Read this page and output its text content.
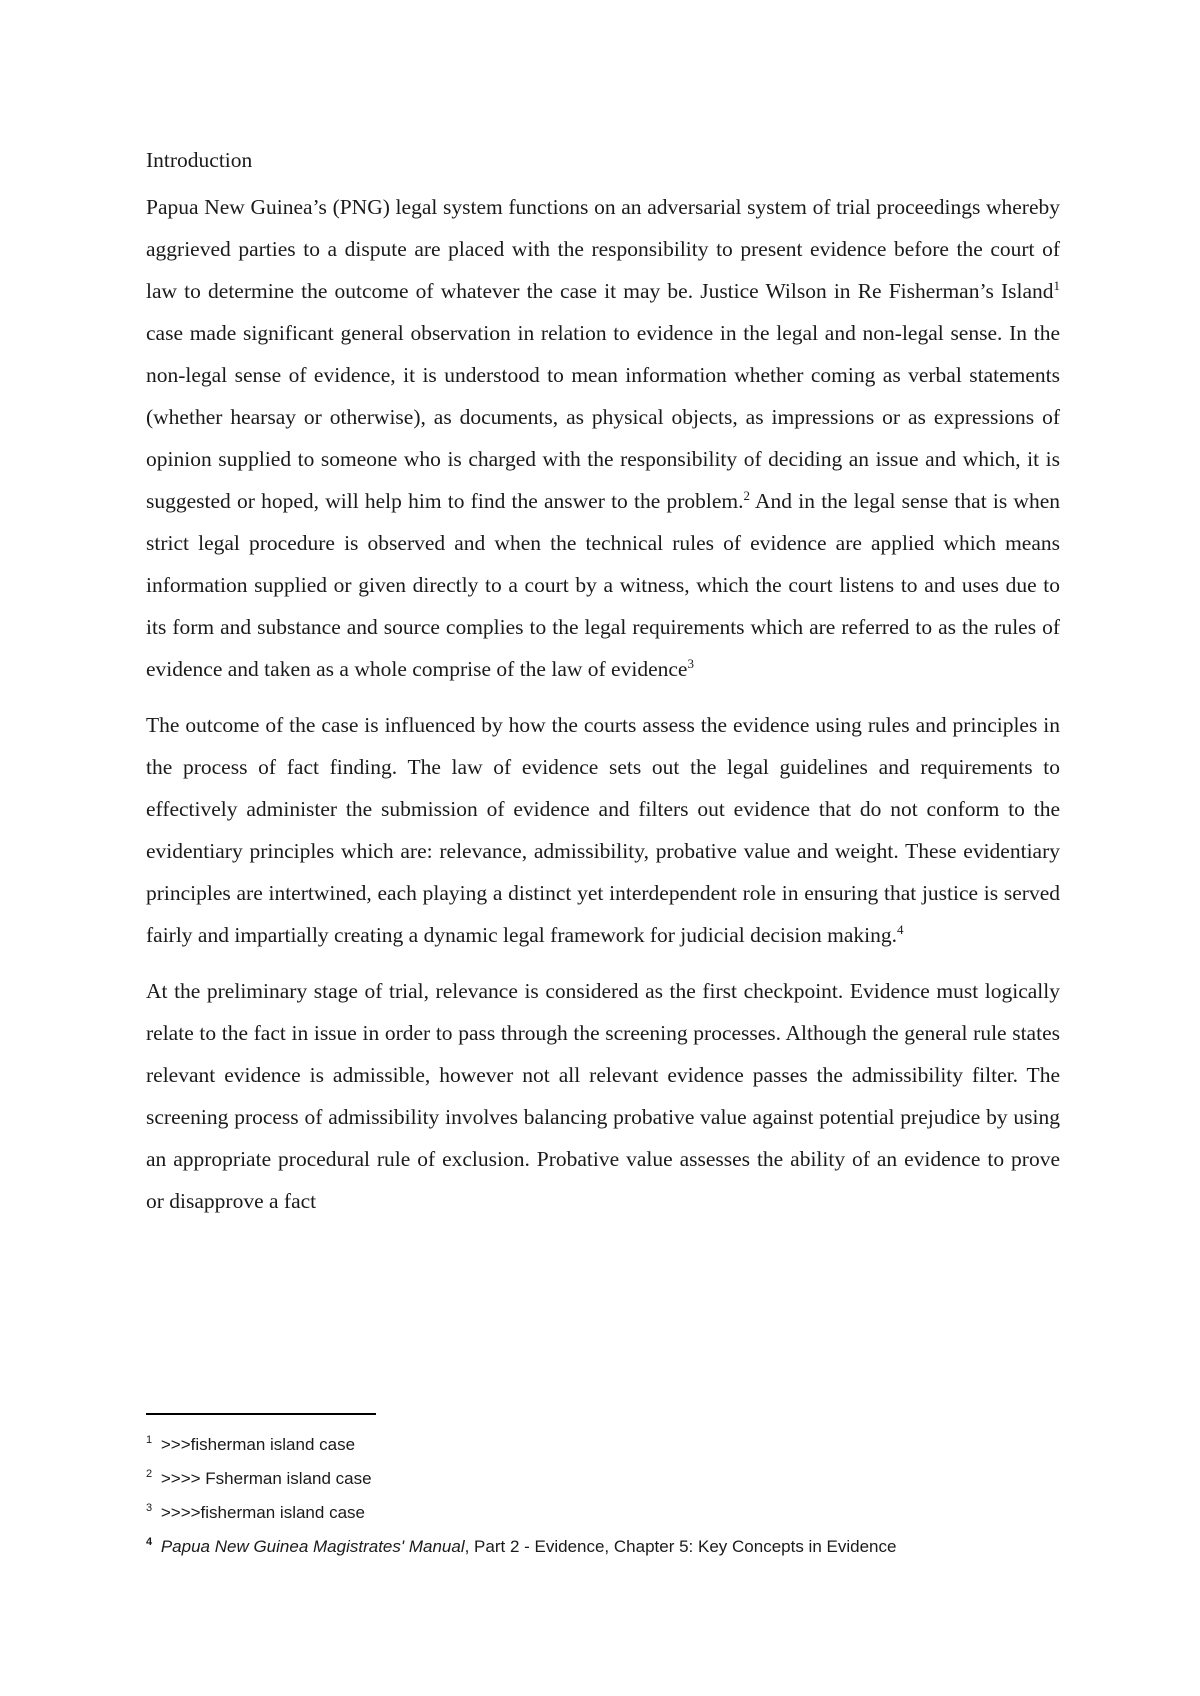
Introduction

Papua New Guinea’s (PNG) legal system functions on an adversarial system of trial proceedings whereby aggrieved parties to a dispute are placed with the responsibility to present evidence before the court of law to determine the outcome of whatever the case it may be. Justice Wilson in Re Fisherman’s Island$^1$ case made significant general observation in relation to evidence in the legal and non-legal sense. In the non-legal sense of evidence, it is understood to mean information whether coming as verbal statements (whether hearsay or otherwise), as documents, as physical objects, as impressions or as expressions of opinion supplied to someone who is charged with the responsibility of deciding an issue and which, it is suggested or hoped, will help him to find the answer to the problem.$^2$ And in the legal sense that is when strict legal procedure is observed and when the technical rules of evidence are applied which means information supplied or given directly to a court by a witness, which the court listens to and uses due to its form and substance and source complies to the legal requirements which are referred to as the rules of evidence and taken as a whole comprise of the law of evidence$^3$

The outcome of the case is influenced by how the courts assess the evidence using rules and principles in the process of fact finding. The law of evidence sets out the legal guidelines and requirements to effectively administer the submission of evidence and filters out evidence that do not conform to the evidentiary principles which are: relevance, admissibility, probative value and weight. These evidentiary principles are intertwined, each playing a distinct yet interdependent role in ensuring that justice is served fairly and impartially creating a dynamic legal framework for judicial decision making.$^4$

At the preliminary stage of trial, relevance is considered as the first checkpoint. Evidence must logically relate to the fact in issue in order to pass through the screening processes. Although the general rule states relevant evidence is admissible, however not all relevant evidence passes the admissibility filter. The screening process of admissibility involves balancing probative value against potential prejudice by using an appropriate procedural rule of exclusion. Probative value assesses the ability of an evidence to prove or disapprove a fact

$^1$ >>>fisherman island case
$^2$ >>>> Fsherman island case
$^3$ >>>>fisherman island case
$^4$ Papua New Guinea Magistrates' Manual, Part 2 - Evidence, Chapter 5: Key Concepts in Evidence
